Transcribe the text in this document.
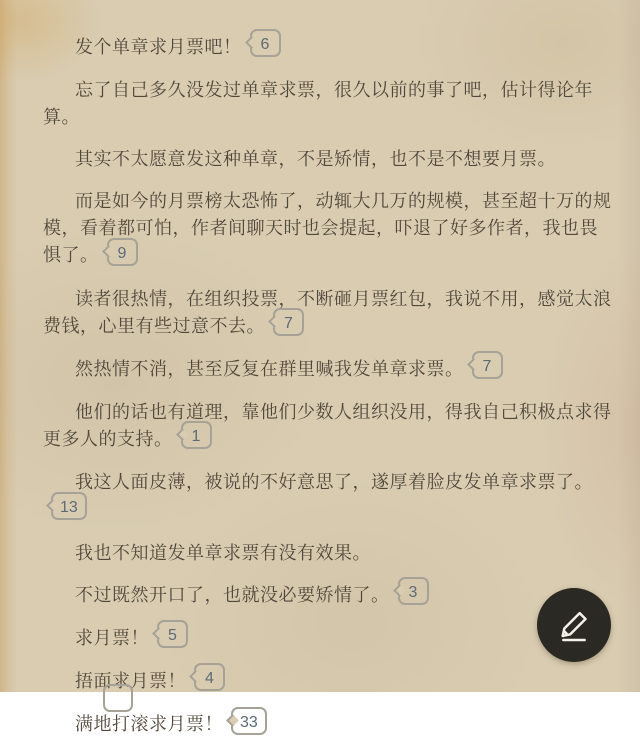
发个单章求月票吧！ 6
忘了自己多久没发过单章求票，很久以前的事了吧，估计得论年算。
其实不太愿意发这种单章，不是矫情，也不是不想要月票。
而是如今的月票榜太恐怖了，动辄大几万的规模，甚至超十万的规模，看着都可怕，作者间聊天时也会提起，吓退了好多作者，我也畏惧了。 9
读者很热情，在组织投票，不断砸月票红包，我说不用，感觉太浪费钱，心里有些过意不去。 7
然热情不消，甚至反复在群里喊我发单章求票。 7
他们的话也有道理，靠他们少数人组织没用，得我自己积极点求得更多人的支持。 1
我这人面皮薄，被说的不好意思了，遂厚着脸皮发单章求票了。13
我也不知道发单章求票有没有效果。
不过既然开口了，也就没必要矫情了。 3
求月票！ 5
捂面求月票！ 4
满地打滚求月票！ 33
